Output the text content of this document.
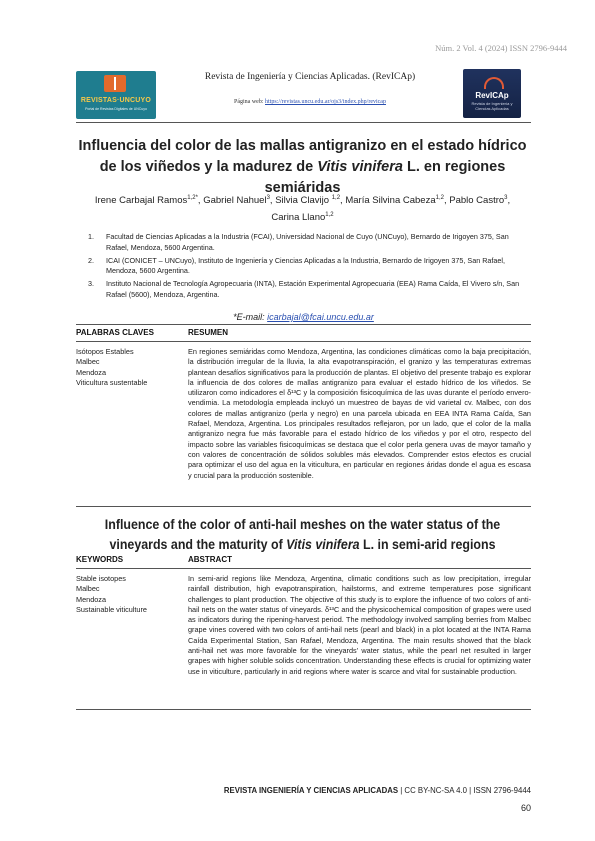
Núm. 2 Vol. 4 (2024) ISSN 2796-9444
REVISTAS·UNCUYO
Portal de Revistas Digitales de UNCuyo
Revista de Ingeniería y Ciencias Aplicadas. (RevICAp)
Página web: https://revistas.uncu.edu.ar/ojs3/index.php/revicap
RevICAp
Revista de Ingeniería y Ciencias Aplicadas
Influencia del color de las mallas antigranizo en el estado hídrico de los viñedos y la madurez de Vitis vinifera L. en regiones semiáridas
Irene Carbajal Ramos$^{1,2*}$, Gabriel Nahuel$^3$, Silvia Clavijo $^{1,2}$, María Silvina Cabeza$^{1,2}$, Pablo Castro$^3$,
Carina Llano$^{1,2}$
1. Facultad de Ciencias Aplicadas a la Industria (FCAI), Universidad Nacional de Cuyo (UNCuyo), Bernardo de Irigoyen 375, San Rafael, Mendoza, 5600 Argentina.
2. ICAI (CONICET – UNCuyo), Instituto de Ingeniería y Ciencias Aplicadas a la Industria, Bernardo de Irigoyen 375, San Rafael, Mendoza, 5600 Argentina.
3. Instituto Nacional de Tecnología Agropecuaria (INTA), Estación Experimental Agropecuaria (EEA) Rama Caída, El Vivero s/n, San Rafael (5600), Mendoza, Argentina.
*E-mail: icarbajal@fcai.uncu.edu.ar
PALABRAS CLAVES	RESUMEN
Isótopos Estables
Malbec
Mendoza
Viticultura sustentable
En regiones semiáridas como Mendoza, Argentina, las condiciones climáticas como la baja precipitación, la distribución irregular de la lluvia, la alta evapotranspiración, el granizo y las temperaturas extremas plantean desafíos significativos para la producción de plantas. El objetivo del presente trabajo es explorar la influencia de dos colores de mallas antigranizo para evaluar el estado hídrico de los viñedos. Se utilizaron como indicadores el δ¹³C y la composición fisicoquímica de las uvas durante el período envero-vendimia. La metodología empleada incluyó un muestreo de bayas de vid varietal cv. Malbec, con dos colores de mallas antigranizo (perla y negro) en una parcela ubicada en EEA INTA Rama Caída, San Rafael, Mendoza, Argentina. Los principales resultados reflejaron, por un lado, que el color de la malla antigranizo negra fue más favorable para el estado hídrico de los viñedos y por el otro, respecto del impacto sobre las variables fisicoquímicas se destaca que el color perla genera uvas de mayor tamaño y con valores de concentración de sólidos solubles más elevados. Comprender estos efectos es crucial para optimizar el uso del agua en la viticultura, en particular en regiones áridas donde el agua es escasa y crucial para la producción sostenible.
Influence of the color of anti-hail meshes on the water status of the vineyards and the maturity of Vitis vinifera L. in semi-arid regions
KEYWORDS	ABSTRACT
Stable isotopes
Malbec
Mendoza
Sustainable viticulture
In semi-arid regions like Mendoza, Argentina, climatic conditions such as low precipitation, irregular rainfall distribution, high evapotranspiration, hailstorms, and extreme temperatures pose significant challenges to plant production. The objective of this study is to explore the influence of two colors of anti-hail nets on the water status of vineyards. δ¹³C and the physicochemical composition of grapes were used as indicators during the ripening-harvest period. The methodology involved sampling berries from Malbec grape vines covered with two colors of anti-hail nets (pearl and black) in a plot located at the INTA Rama Caída Experimental Station, San Rafael, Mendoza, Argentina. The main results showed that the black anti-hail net was more favorable for the vineyards' water status, while the pearl net resulted in larger grapes with higher soluble solids concentration. Understanding these effects is crucial for optimizing water use in viticulture, particularly in arid regions where water is scarce and vital for sustainable production.
REVISTA INGENIERÍA Y CIENCIAS APLICADAS | CC BY-NC-SA 4.0 | ISSN 2796-9444
60
